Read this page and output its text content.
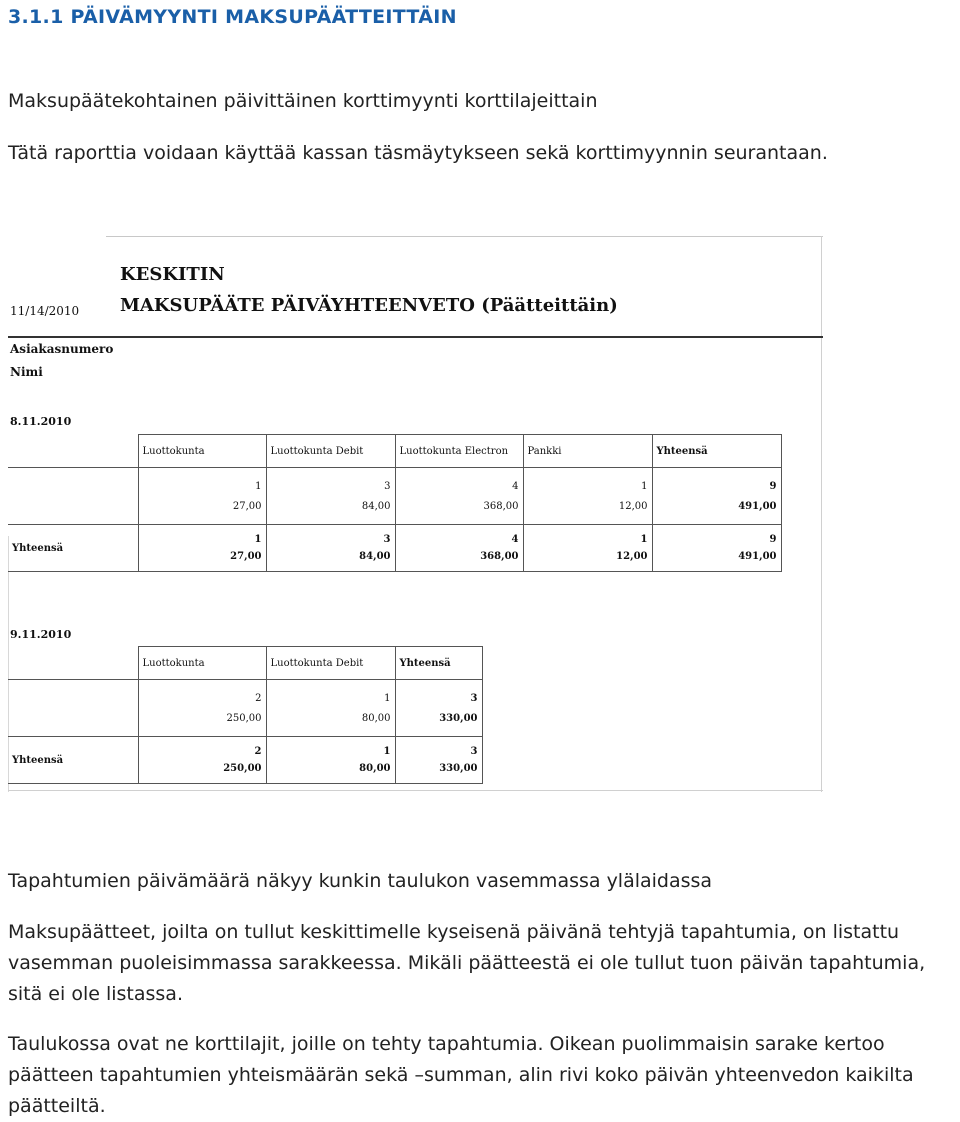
3.1.1 PÄIVÄMYYNTI MAKSUPÄÄTTEITTÄIN

Maksupäätekohtainen päivittäinen korttimyynti korttilajeittain

Tätä raporttia voidaan käyttää kassan täsmäytykseen sekä korttimyynnin seurantaan.

KESKITIN
MAKSUPÄÄTE PÄIVÄYHTEENVETO (Päätteittäin)
11/14/2010
Asiakasnumero
Nimi
8.11.2010
	Luottokunta	Luottokunta Debit	Luottokunta Electron	Pankki	Yhteensä
	1	3	4	1	9
	27,00	84,00	368,00	12,00	491,00
Yhteensä	1	3	4	1	9
	27,00	84,00	368,00	12,00	491,00
9.11.2010
	Luottokunta	Luottokunta Debit	Yhteensä
	2	1	3
	250,00	80,00	330,00
Yhteensä	2	1	3
	250,00	80,00	330,00

Tapahtumien päivämäärä näkyy kunkin taulukon vasemmassa ylälaidassa

Maksupäätteet, joilta on tullut keskittimelle kyseisenä päivänä tehtyjä tapahtumia, on listattu vasemman puoleisimmassa sarakkeessa. Mikäli päätteestä ei ole tullut tuon päivän tapahtumia, sitä ei ole listassa.

Taulukossa ovat ne korttilajit, joille on tehty tapahtumia. Oikean puolimmaisin sarake kertoo päätteen tapahtumien yhteismäärän sekä –summan, alin rivi koko päivän yhteenvedon kaikilta päätteiltä.
